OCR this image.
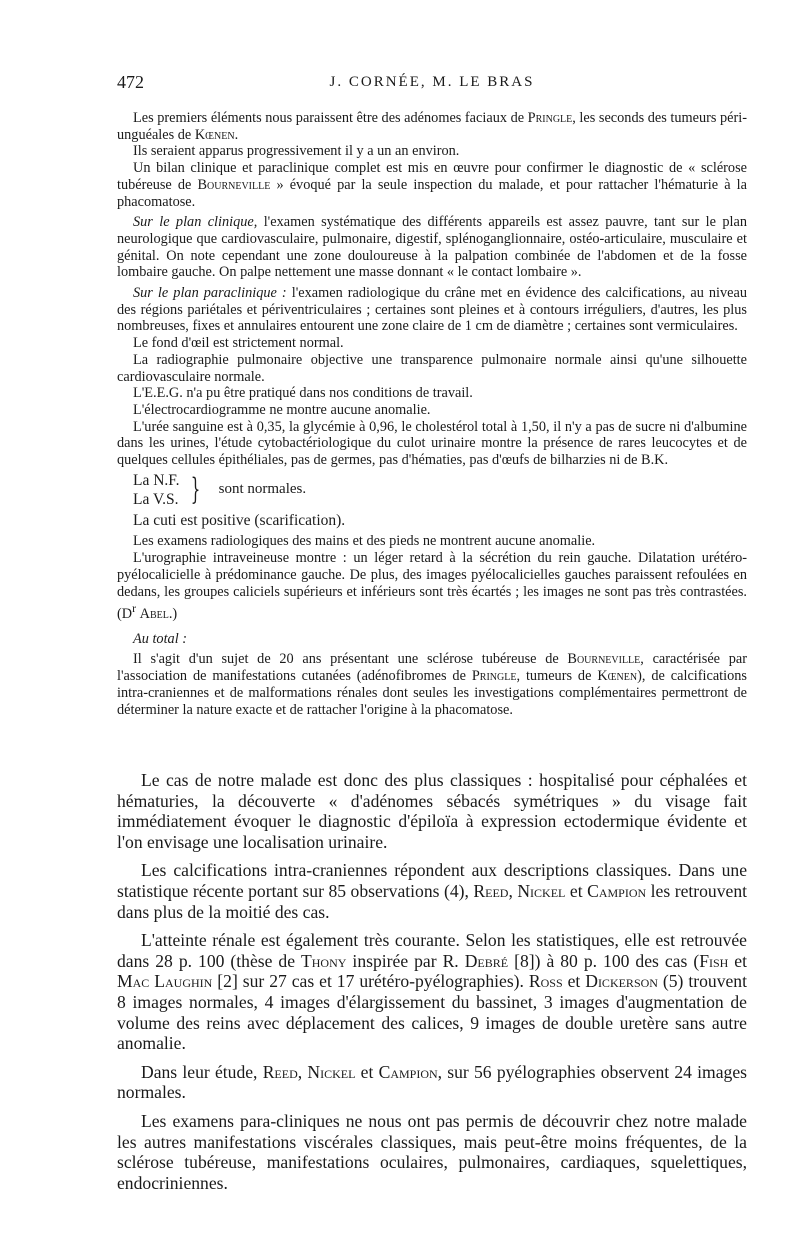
472	J. CORNÉE, M. LE BRAS

Les premiers éléments nous paraissent être des adénomes faciaux de Pringle, les seconds des tumeurs péri-unguéales de Kœnen.

Ils seraient apparus progressivement il y a un an environ.

Un bilan clinique et paraclinique complet est mis en œuvre pour confirmer le diagnostic de « sclérose tubéreuse de Bourneville » évoqué par la seule inspection du malade, et pour rattacher l'hématurie à la phacomatose.

Sur le plan clinique, l'examen systématique des différents appareils est assez pauvre, tant sur le plan neurologique que cardiovasculaire, pulmonaire, digestif, splénoganglionnaire, ostéo-articulaire, musculaire et génital. On note cependant une zone douloureuse à la palpation combinée de l'abdomen et de la fosse lombaire gauche. On palpe nettement une masse donnant « le contact lombaire ».

Sur le plan paraclinique : l'examen radiologique du crâne met en évidence des calcifications, au niveau des régions pariétales et périventriculaires ; certaines sont pleines et à contours irréguliers, d'autres, les plus nombreuses, fixes et annulaires entourent une zone claire de 1 cm de diamètre ; certaines sont vermiculaires.

Le fond d'œil est strictement normal.

La radiographie pulmonaire objective une transparence pulmonaire normale ainsi qu'une silhouette cardiovasculaire normale.

L'E.E.G. n'a pu être pratiqué dans nos conditions de travail.

L'électrocardiogramme ne montre aucune anomalie.

L'urée sanguine est à 0,35, la glycémie à 0,96, le cholestérol total à 1,50, il n'y a pas de sucre ni d'albumine dans les urines, l'étude cytobactériologique du culot urinaire montre la présence de rares leucocytes et de quelques cellules épithéliales, pas de germes, pas d'hématies, pas d'œufs de bilharzies ni de B.K.

La N.F.
La V.S. } sont normales.

La cuti est positive (scarification).

Les examens radiologiques des mains et des pieds ne montrent aucune anomalie.

L'urographie intraveineuse montre : un léger retard à la sécrétion du rein gauche. Dilatation urétéro-pyélocalicielle à prédominance gauche. De plus, des images pyélocalicielles gauches paraissent refoulées en dedans, les groupes caliciels supérieurs et inférieurs sont très écartés ; les images ne sont pas très contrastées. ($D^r$ Abel.)

Au total :

Il s'agit d'un sujet de 20 ans présentant une sclérose tubéreuse de Bourneville, caractérisée par l'association de manifestations cutanées (adénofibromes de Pringle, tumeurs de Kœnen), de calcifications intra-craniennes et de malformations rénales dont seules les investigations complémentaires permettront de déterminer la nature exacte et de rattacher l'origine à la phacomatose.

Le cas de notre malade est donc des plus classiques : hospitalisé pour céphalées et hématuries, la découverte « d'adénomes sébacés symétriques » du visage fait immédiatement évoquer le diagnostic d'épiloïa à expression ectodermique évidente et l'on envisage une localisation urinaire.

Les calcifications intra-craniennes répondent aux descriptions classiques. Dans une statistique récente portant sur 85 observations (4), Reed, Nickel et Campion les retrouvent dans plus de la moitié des cas.

L'atteinte rénale est également très courante. Selon les statistiques, elle est retrouvée dans 28 p. 100 (thèse de Thony inspirée par R. Debré [8]) à 80 p. 100 des cas (Fish et Mac Laughin [2] sur 27 cas et 17 urétéro-pyélographies). Ross et Dickerson (5) trouvent 8 images normales, 4 images d'élargissement du bassinet, 3 images d'augmentation de volume des reins avec déplacement des calices, 9 images de double uretère sans autre anomalie.

Dans leur étude, Reed, Nickel et Campion, sur 56 pyélographies observent 24 images normales.

Les examens para-cliniques ne nous ont pas permis de découvrir chez notre malade les autres manifestations viscérales classiques, mais peut-être moins fréquentes, de la sclérose tubéreuse, manifestations oculaires, pulmonaires, cardiaques, squelettiques, endocriniennes.
